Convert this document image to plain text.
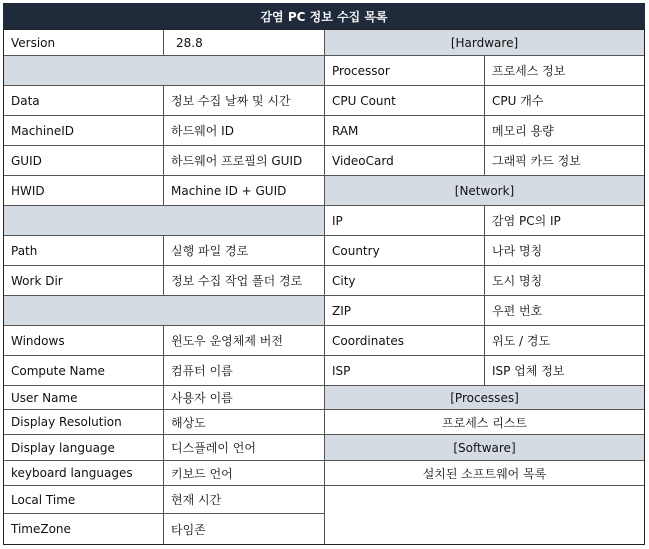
감염 PC 정보 수집 목록
Version	28.8
Data	정보 수집 날짜 및 시간
MachineID	하드웨어 ID
GUID	하드웨어 프로필의 GUID
HWID	Machine ID + GUID
Path	실행 파일 경로
Work Dir	정보 수집 작업 폴더 경로
Windows	윈도우 운영체제 버전
Compute Name	컴퓨터 이름
User Name	사용자 이름
Display Resolution	해상도
Display language	디스플레이 언어
keyboard languages	키보드 언어
Local Time	현재 시간
TimeZone	타임존
[Hardware]
Processor	프로세스 정보
CPU Count	CPU 개수
RAM	메모리 용량
VideoCard	그래픽 카드 정보
[Network]
IP	감염 PC의 IP
Country	나라 명칭
City	도시 명칭
ZIP	우편 번호
Coordinates	위도 / 경도
ISP	ISP 업체 정보
[Processes]
프로세스 리스트
[Software]
설치된 소프트웨어 목록
